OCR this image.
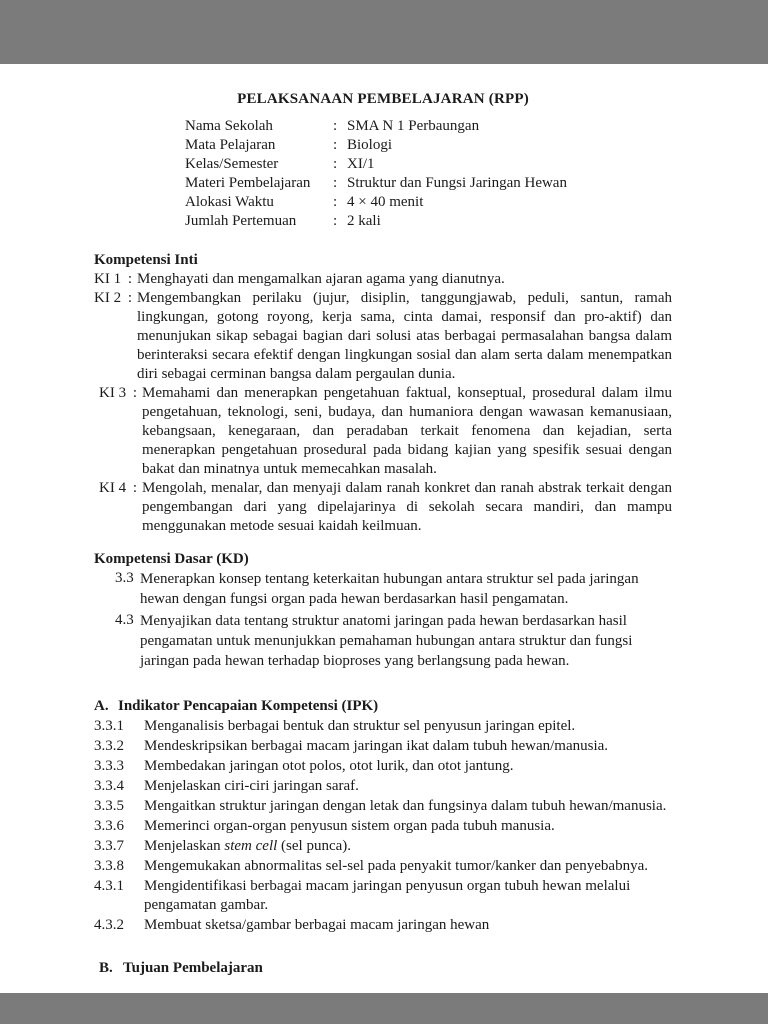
PELAKSANAAN PEMBELAJARAN (RPP)
Nama Sekolah	: SMA N 1 Perbaungan
Mata Pelajaran	: Biologi
Kelas/Semester	: XI/1
Materi Pembelajaran	: Struktur dan Fungsi Jaringan Hewan
Alokasi Waktu	: 4 × 40 menit
Jumlah Pertemuan	: 2 kali
Kompetensi Inti
KI 1 : Menghayati dan mengamalkan ajaran agama yang dianutnya.
KI 2 : Mengembangkan perilaku (jujur, disiplin, tanggungjawab, peduli, santun, ramah lingkungan, gotong royong, kerja sama, cinta damai, responsif dan pro-aktif) dan menunjukan sikap sebagai bagian dari solusi atas berbagai permasalahan bangsa dalam berinteraksi secara efektif dengan lingkungan sosial dan alam serta dalam menempatkan diri sebagai cerminan bangsa dalam pergaulan dunia.
KI 3 : Memahami dan menerapkan pengetahuan faktual, konseptual, prosedural dalam ilmu pengetahuan, teknologi, seni, budaya, dan humaniora dengan wawasan kemanusiaan, kebangsaan, kenegaraan, dan peradaban terkait fenomena dan kejadian, serta menerapkan pengetahuan prosedural pada bidang kajian yang spesifik sesuai dengan bakat dan minatnya untuk memecahkan masalah.
KI 4 : Mengolah, menalar, dan menyaji dalam ranah konkret dan ranah abstrak terkait dengan pengembangan dari yang dipelajarinya di sekolah secara mandiri, dan mampu menggunakan metode sesuai kaidah keilmuan.
Kompetensi Dasar (KD)
3.3 Menerapkan konsep tentang keterkaitan hubungan antara struktur sel pada jaringan hewan dengan fungsi organ pada hewan berdasarkan hasil pengamatan.
4.3 Menyajikan data tentang struktur anatomi jaringan pada hewan berdasarkan hasil pengamatan untuk menunjukkan pemahaman hubungan antara struktur dan fungsi jaringan pada hewan terhadap bioproses yang berlangsung pada hewan.
A. Indikator Pencapaian Kompetensi (IPK)
3.3.1	Menganalisis berbagai bentuk dan struktur sel penyusun jaringan epitel.
3.3.2	Mendeskripsikan berbagai macam jaringan ikat dalam tubuh hewan/manusia.
3.3.3	Membedakan jaringan otot polos, otot lurik, dan otot jantung.
3.3.4	Menjelaskan ciri-ciri jaringan saraf.
3.3.5	Mengaitkan struktur jaringan dengan letak dan fungsinya dalam tubuh hewan/manusia.
3.3.6	Memerinci organ-organ penyusun sistem organ pada tubuh manusia.
3.3.7	Menjelaskan stem cell (sel punca).
3.3.8	Mengemukakan abnormalitas sel-sel pada penyakit tumor/kanker dan penyebabnya.
4.3.1	Mengidentifikasi berbagai macam jaringan penyusun organ tubuh hewan melalui pengamatan gambar.
4.3.2	Membuat sketsa/gambar berbagai macam jaringan hewan
B. Tujuan Pembelajaran
